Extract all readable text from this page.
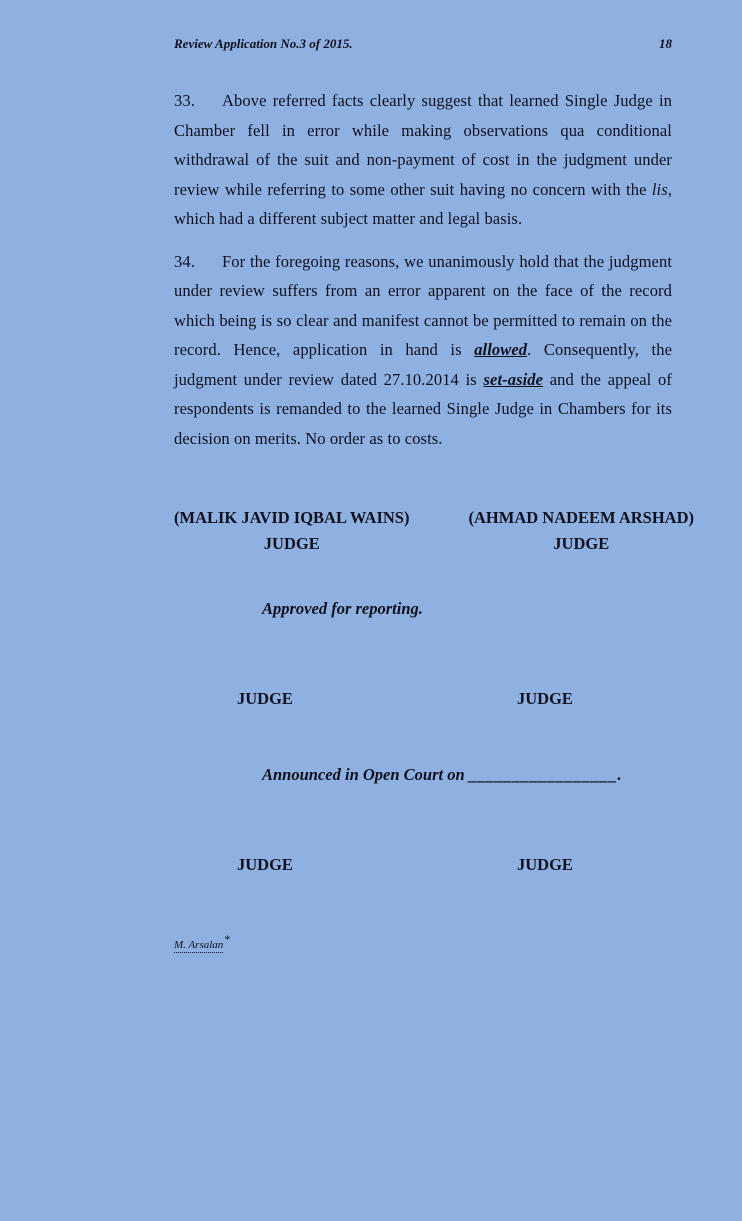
Review Application No.3 of 2015.	18

33. Above referred facts clearly suggest that learned Single Judge in Chamber fell in error while making observations qua conditional withdrawal of the suit and non-payment of cost in the judgment under review while referring to some other suit having no concern with the lis, which had a different subject matter and legal basis.

34. For the foregoing reasons, we unanimously hold that the judgment under review suffers from an error apparent on the face of the record which being is so clear and manifest cannot be permitted to remain on the record. Hence, application in hand is allowed. Consequently, the judgment under review dated 27.10.2014 is set-aside and the appeal of respondents is remanded to the learned Single Judge in Chambers for its decision on merits. No order as to costs.

(MALIK JAVID IQBAL WAINS)
JUDGE
(AHMAD NADEEM ARSHAD)
JUDGE
Approved for reporting.
JUDGE	JUDGE
Announced in Open Court on _________________.
JUDGE	JUDGE
M. Arsalan*
